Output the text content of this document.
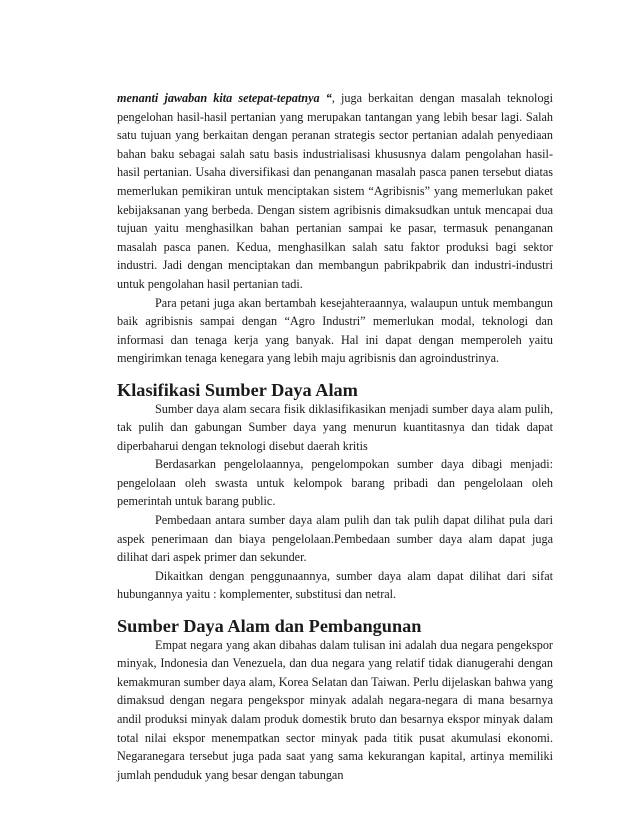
menanti jawaban kita setepat-tepatnya “, juga berkaitan dengan masalah teknologi pengelohan hasil-hasil pertanian yang merupakan tantangan yang lebih besar lagi. Salah satu tujuan yang berkaitan dengan peranan strategis sector pertanian adalah penyediaan bahan baku sebagai salah satu basis industrialisasi khususnya dalam pengolahan hasil-hasil pertanian. Usaha diversifikasi dan penanganan masalah pasca panen tersebut diatas memerlukan pemikiran untuk menciptakan sistem “Agribisnis” yang memerlukan paket kebijaksanan yang berbeda. Dengan sistem agribisnis dimaksudkan untuk mencapai dua tujuan yaitu menghasilkan bahan pertanian sampai ke pasar, termasuk penanganan masalah pasca panen. Kedua, menghasilkan salah satu faktor produksi bagi sektor industri. Jadi dengan menciptakan dan membangun pabrikpabrik dan industri-industri untuk pengolahan hasil pertanian tadi.

Para petani juga akan bertambah kesejahteraannya, walaupun untuk membangun baik agribisnis sampai dengan “Agro Industri” memerlukan modal, teknologi dan informasi dan tenaga kerja yang banyak. Hal ini dapat dengan memperoleh yaitu mengirimkan tenaga kenegara yang lebih maju agribisnis dan agroindustrinya.

Klasifikasi Sumber Daya Alam

Sumber daya alam secara fisik diklasifikasikan menjadi sumber daya alam pulih, tak pulih dan gabungan Sumber daya yang menurun kuantitasnya dan tidak dapat diperbaharui dengan teknologi disebut daerah kritis

Berdasarkan pengelolaannya, pengelompokan sumber daya dibagi menjadi: pengelolaan oleh swasta untuk kelompok barang pribadi dan pengelolaan oleh pemerintah untuk barang public.

Pembedaan antara sumber daya alam pulih dan tak pulih dapat dilihat pula dari aspek penerimaan dan biaya pengelolaan.Pembedaan sumber daya alam dapat juga dilihat dari aspek primer dan sekunder.

Dikaitkan dengan penggunaannya, sumber daya alam dapat dilihat dari sifat hubungannya yaitu : komplementer, substitusi dan netral.

Sumber Daya Alam dan Pembangunan

Empat negara yang akan dibahas dalam tulisan ini adalah dua negara pengekspor minyak, Indonesia dan Venezuela, dan dua negara yang relatif tidak dianugerahi dengan kemakmuran sumber daya alam, Korea Selatan dan Taiwan. Perlu dijelaskan bahwa yang dimaksud dengan negara pengekspor minyak adalah negara-negara di mana besarnya andil produksi minyak dalam produk domestik bruto dan besarnya ekspor minyak dalam total nilai ekspor menempatkan sector minyak pada titik pusat akumulasi ekonomi. Negaranegara tersebut juga pada saat yang sama kekurangan kapital, artinya memiliki jumlah penduduk yang besar dengan tabungan
